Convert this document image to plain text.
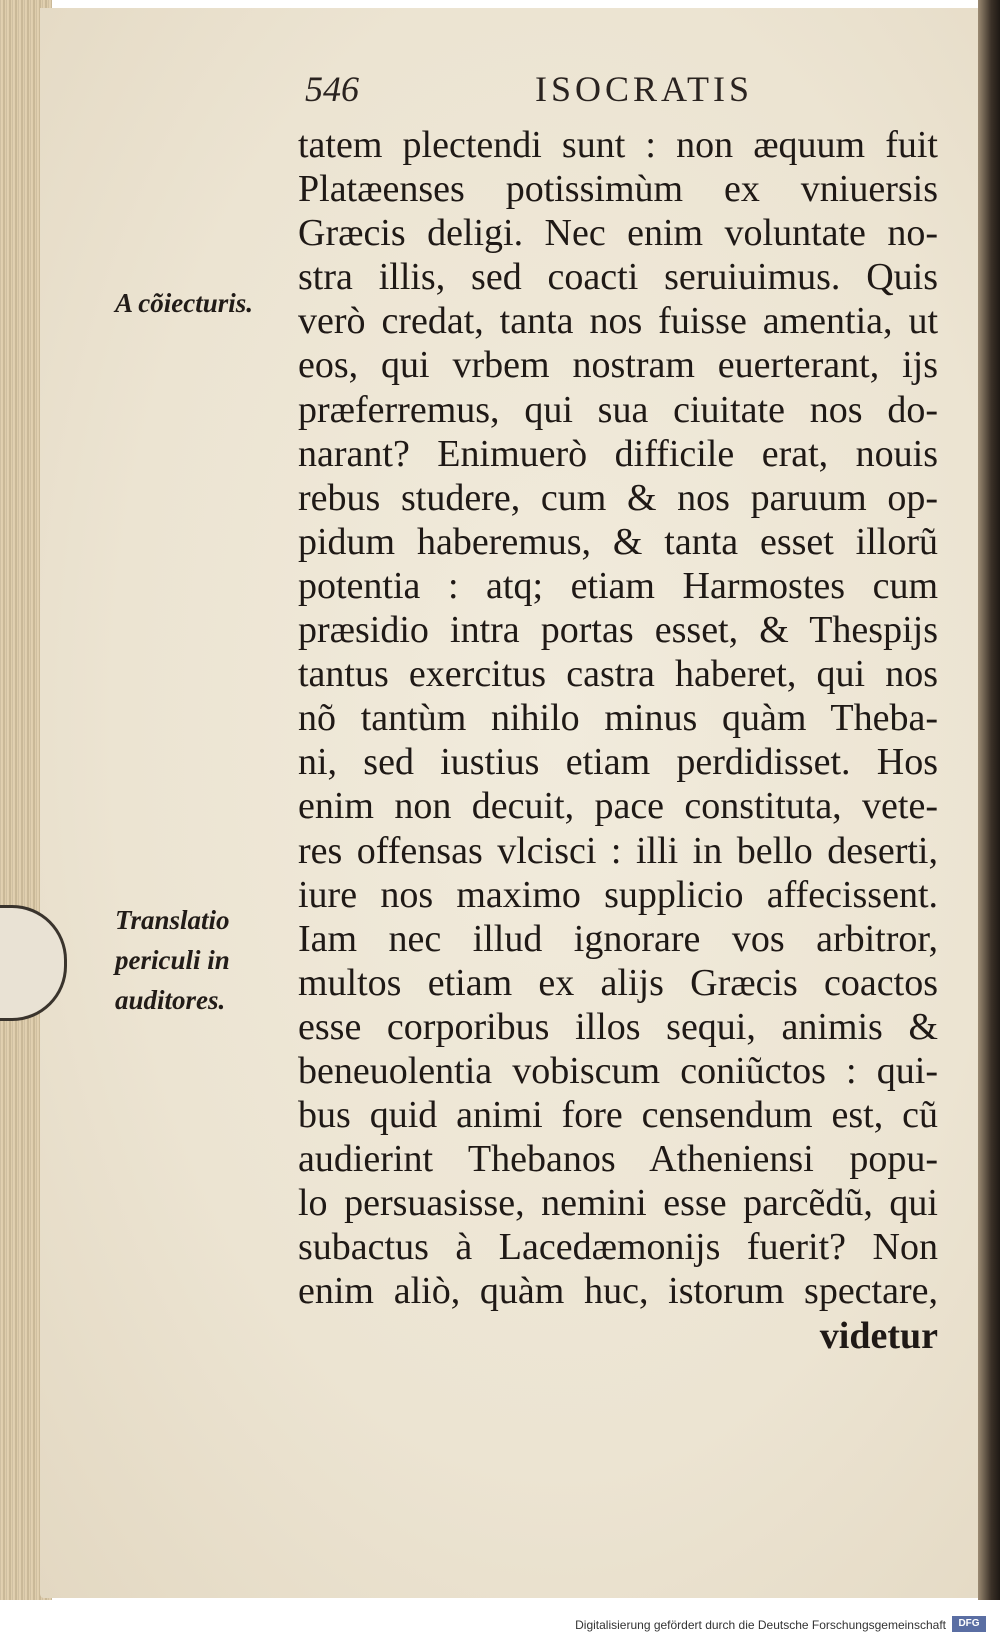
546	ISOCRATIS
A cõiecturis.
Translatio
periculi in
auditores.
tatem plectendi sunt : non æquum fuit
Platæenses potissimùm ex vniuersis
Græcis deligi. Nec enim voluntate no-
stra illis, sed coacti seruiuimus. Quis
verò credat, tanta nos fuisse amentia, ut
eos, qui vrbem nostram euerterant, ijs
præferremus, qui sua ciuitate nos do-
narant? Enimuerò difficile erat, nouis
rebus studere, cum & nos paruum op-
pidum haberemus, & tanta esset illorũ
potentia : atq; etiam Harmostes cum
præsidio intra portas esset, & Thespijs
tantus exercitus castra haberet, qui nos
nõ tantùm nihilo minus quàm Theba-
ni, sed iustius etiam perdidisset. Hos
enim non decuit, pace constituta, vete-
res offensas vlcisci : illi in bello deserti,
iure nos maximo supplicio affecissent.
Iam nec illud ignorare vos arbitror,
multos etiam ex alijs Græcis coactos
esse corporibus illos sequi, animis &
beneuolentia vobiscum coniũctos : qui-
bus quid animi fore censendum est, cũ
audierint Thebanos Atheniensi popu-
lo persuasisse, nemini esse parcẽdũ, qui
subactus à Lacedæmonijs fuerit? Non
enim aliò, quàm huc, istorum spectare,
videtur
Digitalisierung gefördert durch die Deutsche Forschungsgemeinschaft	DFG
